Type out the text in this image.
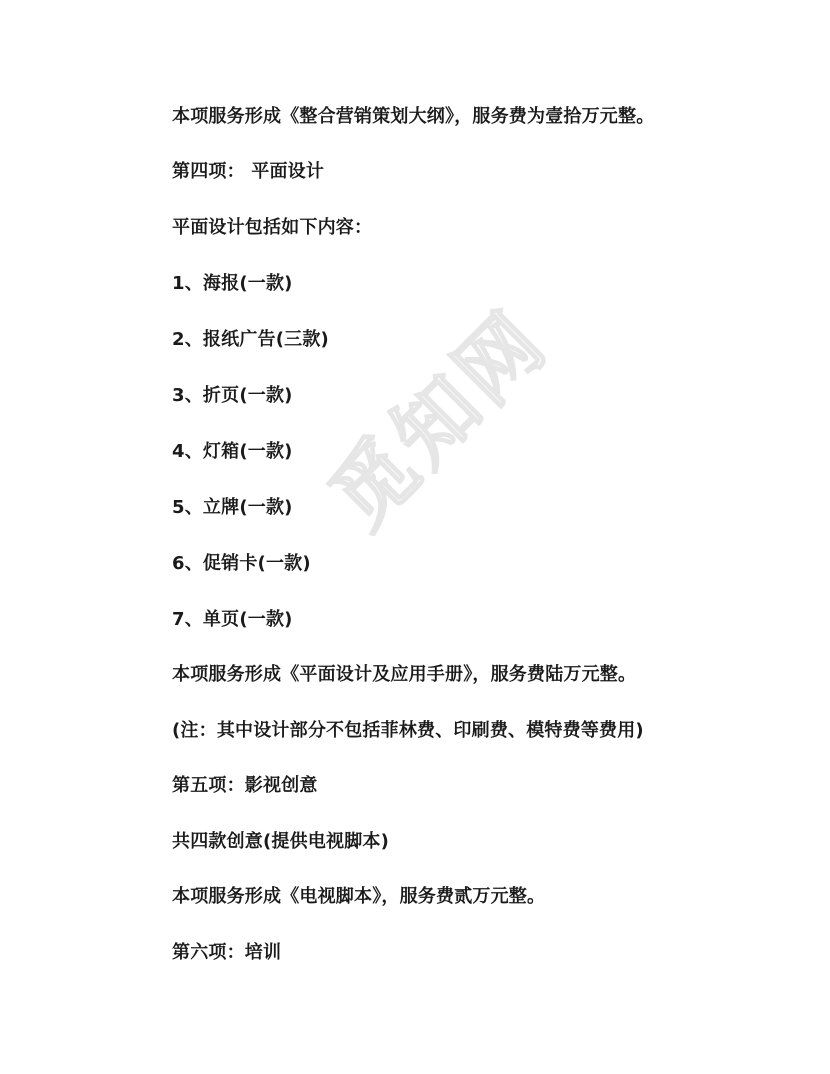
觅知网
本项服务形成《整合营销策划大纲》，服务费为壹拾万元整。
第四项： 平面设计
平面设计包括如下内容：
1、海报(一款)
2、报纸广告(三款)
3、折页(一款)
4、灯箱(一款)
5、立牌(一款)
6、促销卡(一款)
7、单页(一款)
本项服务形成《平面设计及应用手册》，服务费陆万元整。
(注：其中设计部分不包括菲林费、印刷费、模特费等费用)
第五项：影视创意
共四款创意(提供电视脚本)
本项服务形成《电视脚本》，服务费贰万元整。
第六项：培训
